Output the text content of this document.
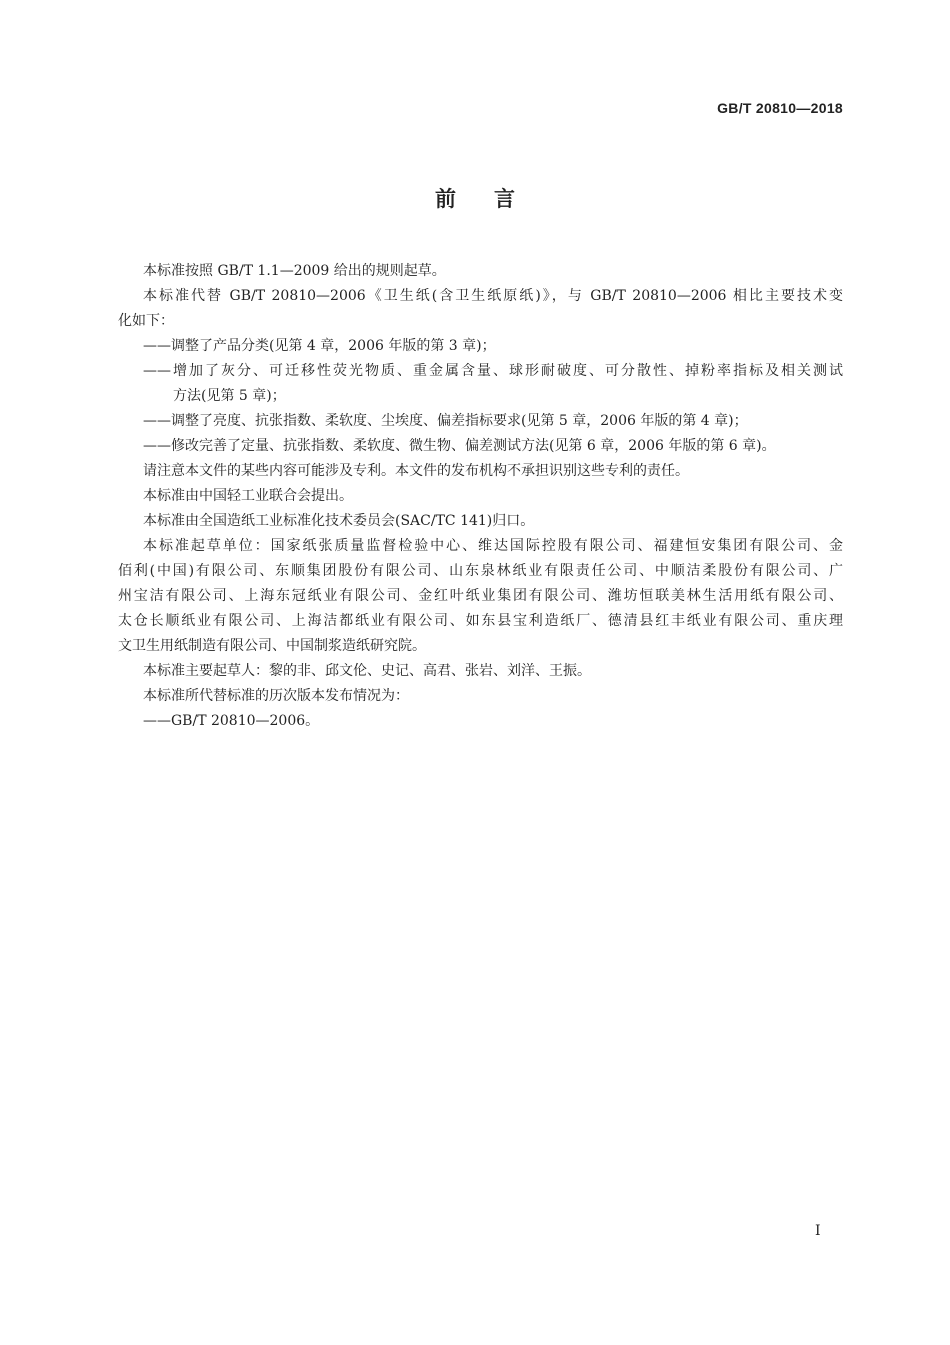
GB/T 20810—2018
前 言
本标准按照 GB/T 1.1—2009 给出的规则起草。
本标准代替 GB/T 20810—2006《卫生纸(含卫生纸原纸)》，与 GB/T 20810—2006 相比主要技术变
化如下：
——调整了产品分类(见第 4 章，2006 年版的第 3 章)；
——增加了灰分、可迁移性荧光物质、重金属含量、球形耐破度、可分散性、掉粉率指标及相关测试
方法(见第 5 章)；
——调整了亮度、抗张指数、柔软度、尘埃度、偏差指标要求(见第 5 章，2006 年版的第 4 章)；
——修改完善了定量、抗张指数、柔软度、微生物、偏差测试方法(见第 6 章，2006 年版的第 6 章)。
请注意本文件的某些内容可能涉及专利。本文件的发布机构不承担识别这些专利的责任。
本标准由中国轻工业联合会提出。
本标准由全国造纸工业标准化技术委员会(SAC/TC 141)归口。
本标准起草单位：国家纸张质量监督检验中心、维达国际控股有限公司、福建恒安集团有限公司、金
佰利(中国)有限公司、东顺集团股份有限公司、山东泉林纸业有限责任公司、中顺洁柔股份有限公司、广
州宝洁有限公司、上海东冠纸业有限公司、金红叶纸业集团有限公司、潍坊恒联美林生活用纸有限公司、
太仓长顺纸业有限公司、上海洁都纸业有限公司、如东县宝利造纸厂、德清县红丰纸业有限公司、重庆理
文卫生用纸制造有限公司、中国制浆造纸研究院。
本标准主要起草人：黎的非、邱文伦、史记、高君、张岩、刘洋、王振。
本标准所代替标准的历次版本发布情况为：
——GB/T 20810—2006。
I
